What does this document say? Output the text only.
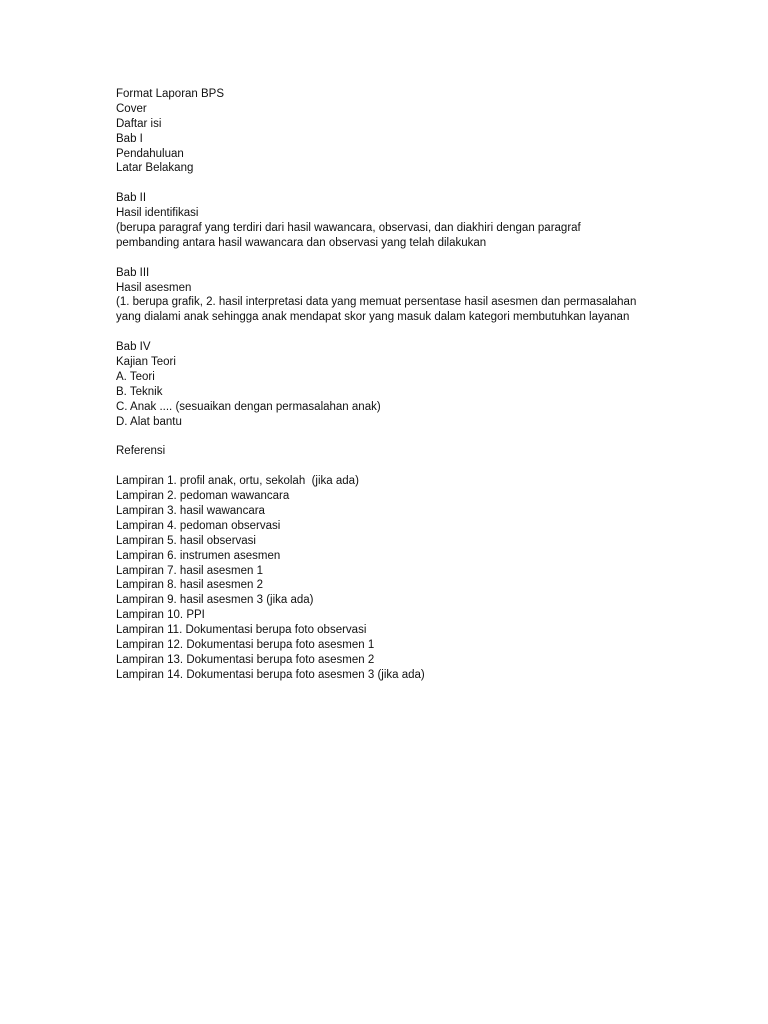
Format Laporan BPS
Cover
Daftar isi
Bab I
Pendahuluan
Latar Belakang
Bab II
Hasil identifikasi
(berupa paragraf yang terdiri dari hasil wawancara, observasi, dan diakhiri dengan paragraf
pembanding antara hasil wawancara dan observasi yang telah dilakukan
Bab III
Hasil asesmen
(1. berupa grafik, 2. hasil interpretasi data yang memuat persentase hasil asesmen dan permasalahan
yang dialami anak sehingga anak mendapat skor yang masuk dalam kategori membutuhkan layanan
Bab IV
Kajian Teori
A. Teori
B. Teknik
C. Anak .... (sesuaikan dengan permasalahan anak)
D. Alat bantu
Referensi
Lampiran 1. profil anak, ortu, sekolah  (jika ada)
Lampiran 2. pedoman wawancara
Lampiran 3. hasil wawancara
Lampiran 4. pedoman observasi
Lampiran 5. hasil observasi
Lampiran 6. instrumen asesmen
Lampiran 7. hasil asesmen 1
Lampiran 8. hasil asesmen 2
Lampiran 9. hasil asesmen 3 (jika ada)
Lampiran 10. PPI
Lampiran 11. Dokumentasi berupa foto observasi
Lampiran 12. Dokumentasi berupa foto asesmen 1
Lampiran 13. Dokumentasi berupa foto asesmen 2
Lampiran 14. Dokumentasi berupa foto asesmen 3 (jika ada)
